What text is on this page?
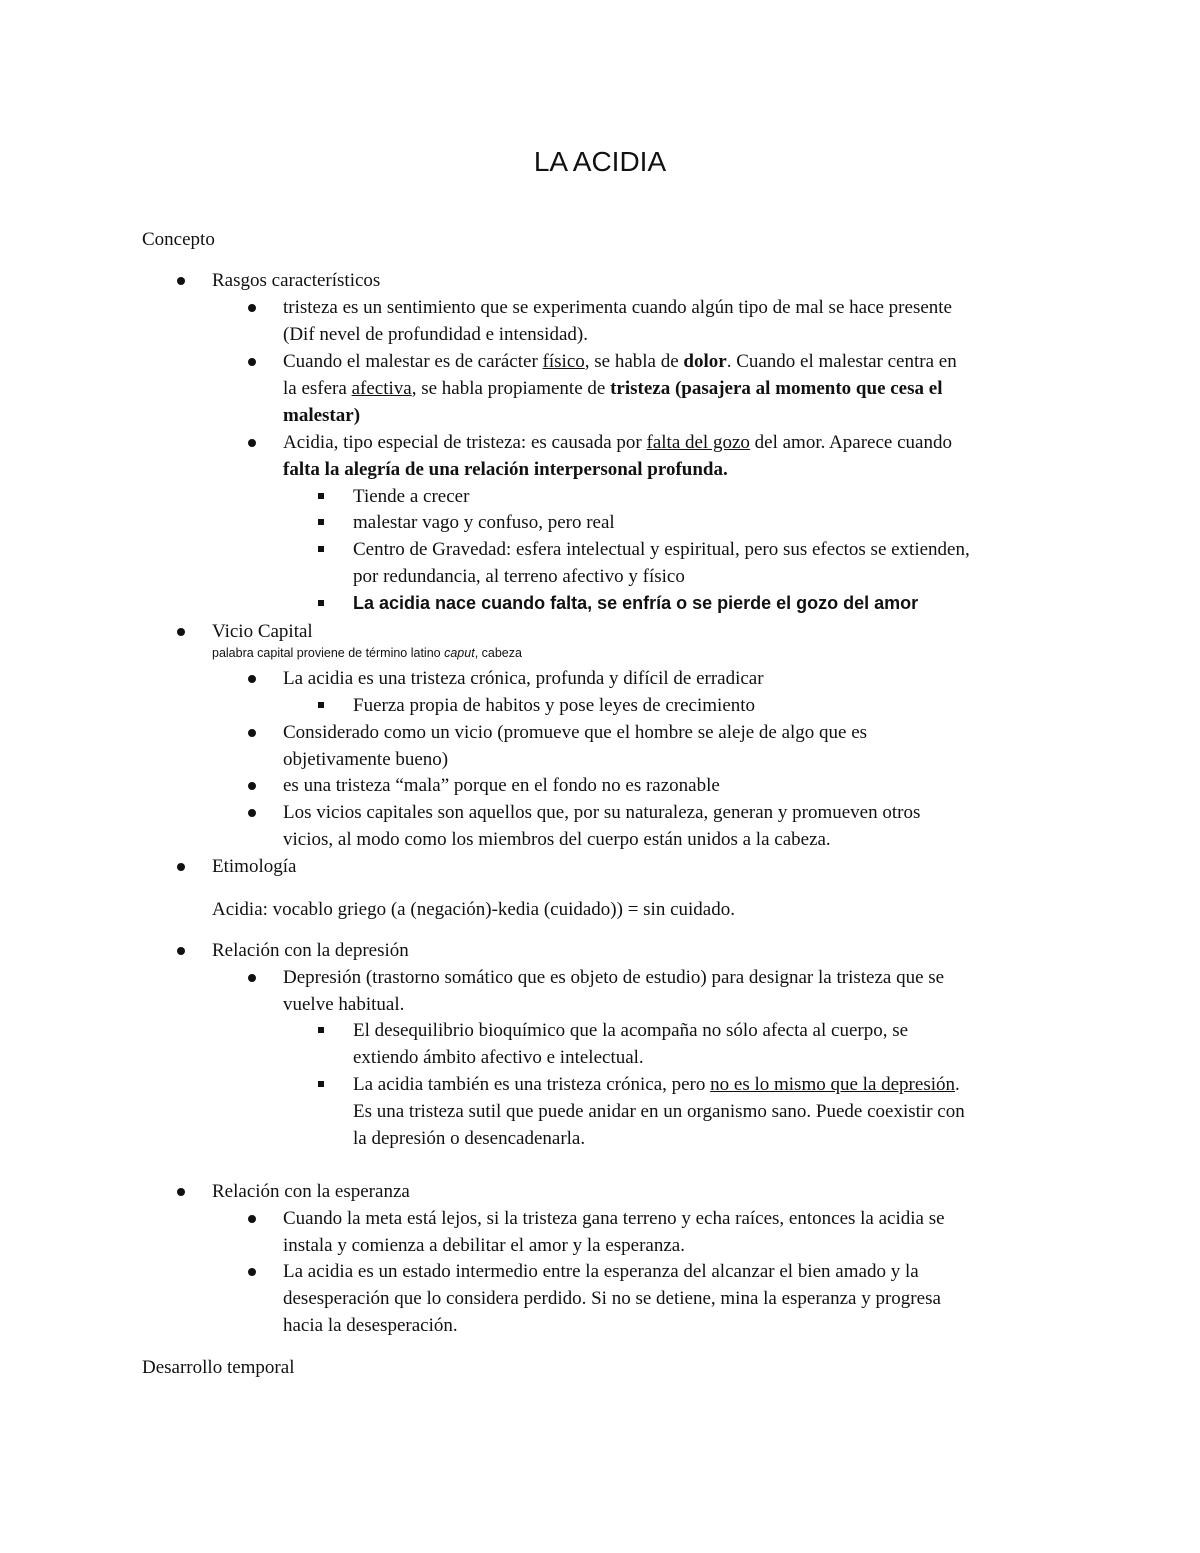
LA ACIDIA
Concepto
Rasgos característicos
tristeza es un sentimiento que se experimenta cuando algún tipo de mal se hace presente
(Dif nevel de profundidad e intensidad).
Cuando el malestar es de carácter físico, se habla de dolor. Cuando el malestar centra en
la esfera afectiva, se habla propiamente de tristeza (pasajera al momento que cesa el
malestar)
Acidia, tipo especial de tristeza: es causada por falta del gozo del amor. Aparece cuando
falta la alegría de una relación interpersonal profunda.
Tiende a crecer
malestar vago y confuso, pero real
Centro de Gravedad: esfera intelectual y espiritual, pero sus efectos se extienden,
por redundancia, al terreno afectivo y físico
La acidia nace cuando falta, se enfría o se pierde el gozo del amor
Vicio Capital
palabra capital proviene de término latino caput, cabeza
La acidia es una tristeza crónica, profunda y difícil de erradicar
Fuerza propia de habitos y pose leyes de crecimiento
Considerado como un vicio (promueve que el hombre se aleje de algo que es
objetivamente bueno)
es una tristeza “mala” porque en el fondo no es razonable
Los vicios capitales son aquellos que, por su naturaleza, generan y promueven otros
vicios, al modo como los miembros del cuerpo están unidos a la cabeza.
Etimología
Acidia: vocablo griego (a (negación)-kedia (cuidado)) = sin cuidado.
Relación con la depresión
Depresión (trastorno somático que es objeto de estudio) para designar la tristeza que se
vuelve habitual.
El desequilibrio bioquímico que la acompaña no sólo afecta al cuerpo, se
extiendo ámbito afectivo e intelectual.
La acidia también es una tristeza crónica, pero no es lo mismo que la depresión.
Es una tristeza sutil que puede anidar en un organismo sano. Puede coexistir con
la depresión o desencadenarla.
Relación con la esperanza
Cuando la meta está lejos, si la tristeza gana terreno y echa raíces, entonces la acidia se
instala y comienza a debilitar el amor y la esperanza.
La acidia es un estado intermedio entre la esperanza del alcanzar el bien amado y la
desesperación que lo considera perdido. Si no se detiene, mina la esperanza y progresa
hacia la desesperación.
Desarrollo temporal
